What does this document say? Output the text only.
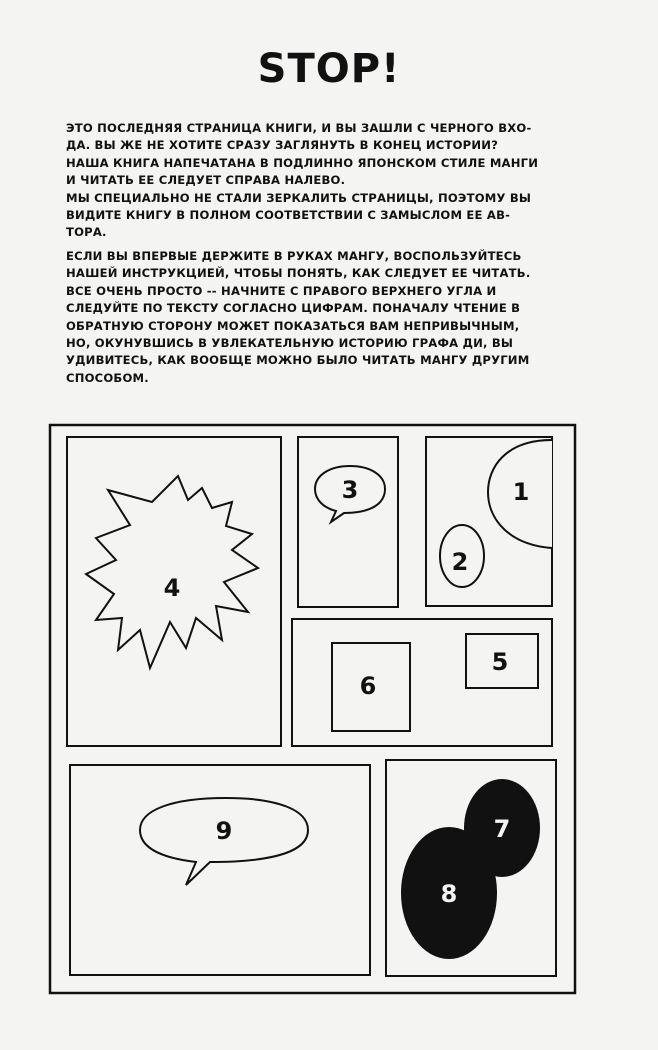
STOP!
ЭТО ПОСЛЕДНЯЯ СТРАНИЦА КНИГИ, И ВЫ ЗАШЛИ С ЧЕРНОГО ВХО-
ДА. ВЫ ЖЕ НЕ ХОТИТЕ СРАЗУ ЗАГЛЯНУТЬ В КОНЕЦ ИСТОРИИ?
НАША КНИГА НАПЕЧАТАНА В ПОДЛИННО ЯПОНСКОМ СТИЛЕ МАНГИ
И ЧИТАТЬ ЕЕ СЛЕДУЕТ СПРАВА НАЛЕВО.
МЫ СПЕЦИАЛЬНО НЕ СТАЛИ ЗЕРКАЛИТЬ СТРАНИЦЫ, ПОЭТОМУ ВЫ
ВИДИТЕ КНИГУ В ПОЛНОМ СООТВЕТСТВИИ С ЗАМЫСЛОМ ЕЕ АВ-
ТОРА.
ЕСЛИ ВЫ ВПЕРВЫЕ ДЕРЖИТЕ В РУКАХ МАНГУ, ВОСПОЛЬЗУЙТЕСЬ
НАШЕЙ ИНСТРУКЦИЕЙ, ЧТОБЫ ПОНЯТЬ, КАК СЛЕДУЕТ ЕЕ ЧИТАТЬ.
ВСЕ ОЧЕНЬ ПРОСТО -- НАЧНИТЕ С ПРАВОГО ВЕРХНЕГО УГЛА И
СЛЕДУЙТЕ ПО ТЕКСТУ СОГЛАСНО ЦИФРАМ. ПОНАЧАЛУ ЧТЕНИЕ В
ОБРАТНУЮ СТОРОНУ МОЖЕТ ПОКАЗАТЬСЯ ВАМ НЕПРИВЫЧНЫМ,
НО, ОКУНУВШИСЬ В УВЛЕКАТЕЛЬНУЮ ИСТОРИЮ ГРАФА ДИ, ВЫ
УДИВИТЕСЬ, КАК ВООБЩЕ МОЖНО БЫЛО ЧИТАТЬ МАНГУ ДРУГИМ
СПОСОБОМ.
1
2
3
4
5
6
7
8
9
